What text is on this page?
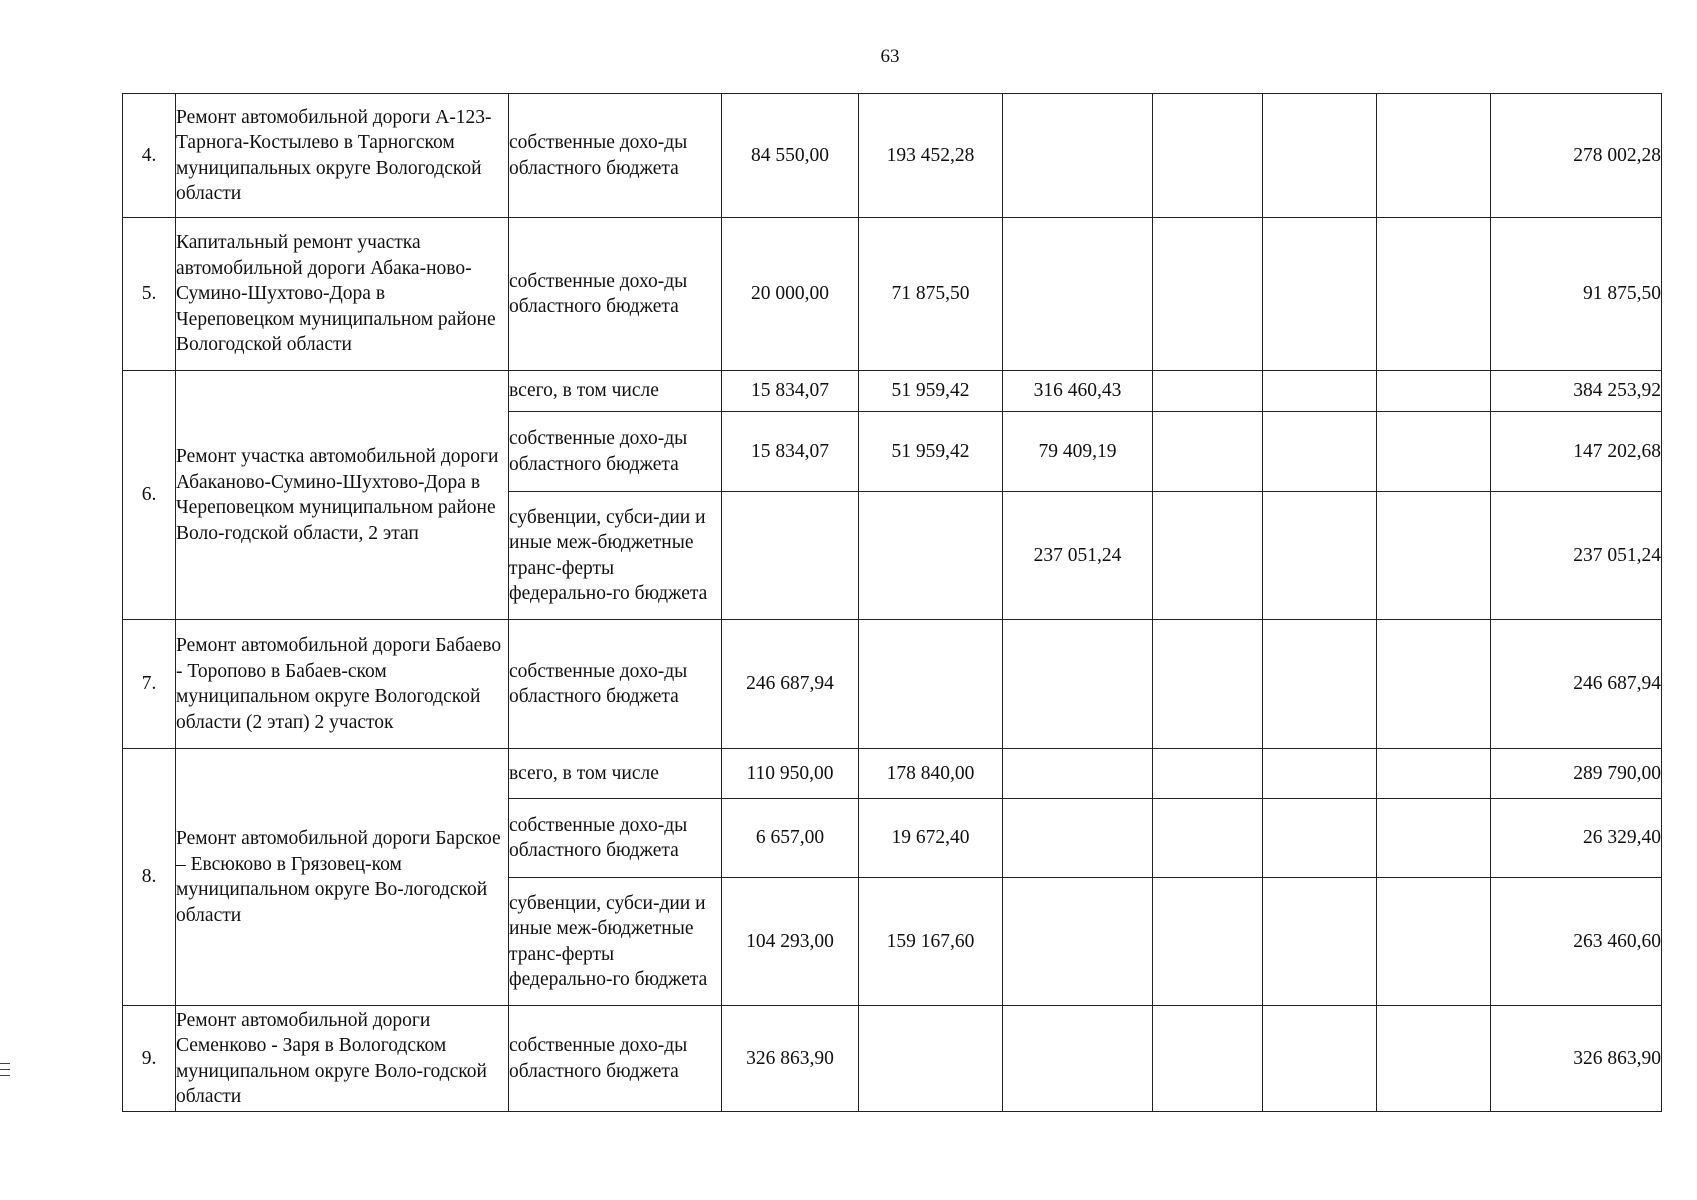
63
4.	Ремонт автомобильной дороги А-123-Тарнога-Костылево в Тарногском муниципальных округе Вологодской области	собственные дохо-ды областного бюджета	84 550,00	193 452,28					278 002,28
5.	Капитальный ремонт участка автомобильной дороги Абака-ново-Сумино-Шухтово-Дора в Череповецком муниципальном районе Вологодской области	собственные дохо-ды областного бюджета	20 000,00	71 875,50					91 875,50
6.	Ремонт участка автомобильной дороги Абаканово-Сумино-Шухтово-Дора в Череповецком муниципальном районе Воло-годской области, 2 этап	всего, в том числе	15 834,07	51 959,42	316 460,43				384 253,92
		собственные дохо-ды областного бюджета	15 834,07	51 959,42	79 409,19				147 202,68
		субвенции, субси-дии и иные меж-бюджетные транс-ферты федерально-го бюджета			237 051,24				237 051,24
7.	Ремонт автомобильной дороги Бабаево - Торопово в Бабаев-ском муниципальном округе Вологодской области (2 этап) 2 участок	собственные дохо-ды областного бюджета	246 687,94						246 687,94
8.	Ремонт автомобильной дороги Барское – Евсюково в Грязовец-ком муниципальном округе Во-логодской области	всего, в том числе	110 950,00	178 840,00					289 790,00
		собственные дохо-ды областного бюджета	6 657,00	19 672,40					26 329,40
		субвенции, субси-дии и иные меж-бюджетные транс-ферты федерально-го бюджета	104 293,00	159 167,60					263 460,60
9.	Ремонт автомобильной дороги Семенково - Заря в Вологодском муниципальном округе Воло-годской области	собственные дохо-ды областного бюджета	326 863,90						326 863,90
